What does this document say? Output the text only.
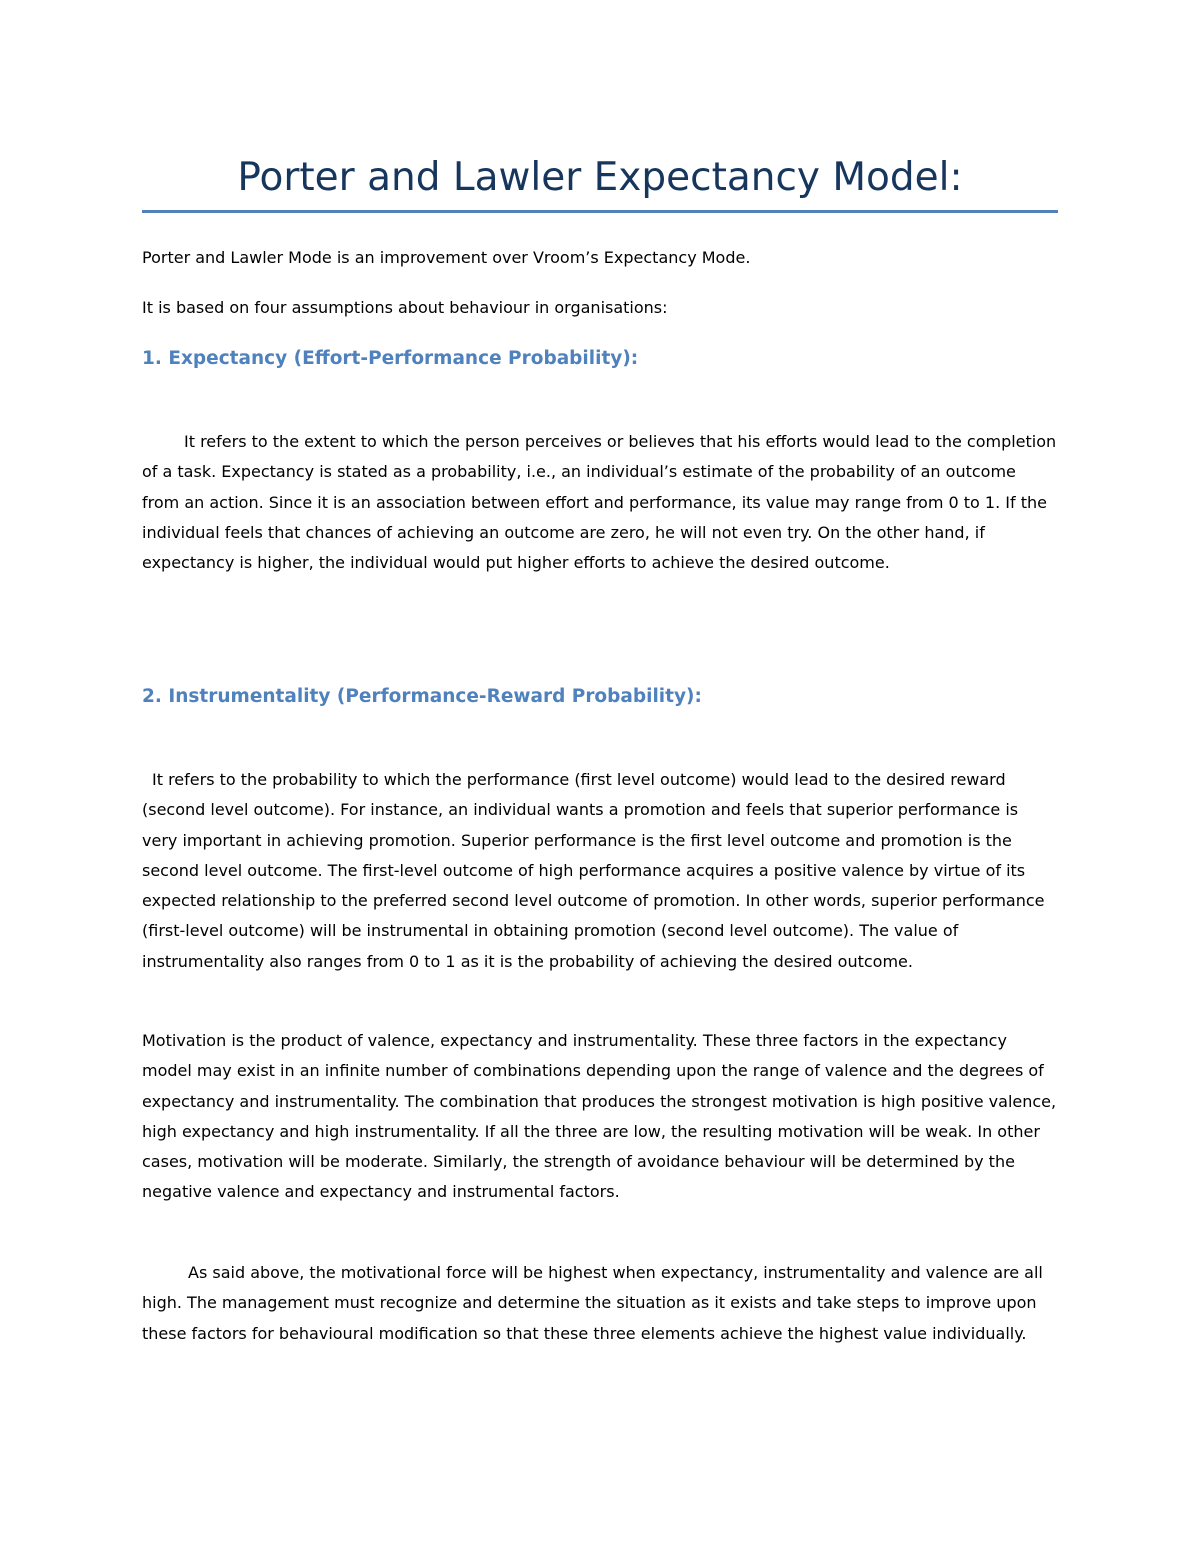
Porter and Lawler Expectancy Model:

Porter and Lawler Mode is an improvement over Vroom’s Expectancy Mode.

It is based on four assumptions about behaviour in organisations:

1. Expectancy (Effort-Performance Probability):

It refers to the extent to which the person perceives or believes that his efforts would lead to the completion of a task. Expectancy is stated as a probability, i.e., an individual’s estimate of the probability of an outcome from an action. Since it is an association between effort and performance, its value may range from 0 to 1. If the individual feels that chances of achieving an outcome are zero, he will not even try. On the other hand, if expectancy is higher, the individual would put higher efforts to achieve the desired outcome.

2. Instrumentality (Performance-Reward Probability):

It refers to the probability to which the performance (first level outcome) would lead to the desired reward (second level outcome). For instance, an individual wants a promotion and feels that superior performance is very important in achieving promotion. Superior performance is the first level outcome and promotion is the second level outcome. The first-level outcome of high performance acquires a positive valence by virtue of its expected relationship to the preferred second level outcome of promotion. In other words, superior performance (first-level outcome) will be instrumental in obtaining promotion (second level outcome). The value of instrumentality also ranges from 0 to 1 as it is the probability of achieving the desired outcome.

Motivation is the product of valence, expectancy and instrumentality. These three factors in the expectancy model may exist in an infinite number of combinations depending upon the range of valence and the degrees of expectancy and instrumentality. The combination that produces the strongest motivation is high positive valence, high expectancy and high instrumentality. If all the three are low, the resulting motivation will be weak. In other cases, motivation will be moderate. Similarly, the strength of avoidance behaviour will be determined by the negative valence and expectancy and instrumental factors.

As said above, the motivational force will be highest when expectancy, instrumentality and valence are all high. The management must recognize and determine the situation as it exists and take steps to improve upon these factors for behavioural modification so that these three elements achieve the highest value individually.
